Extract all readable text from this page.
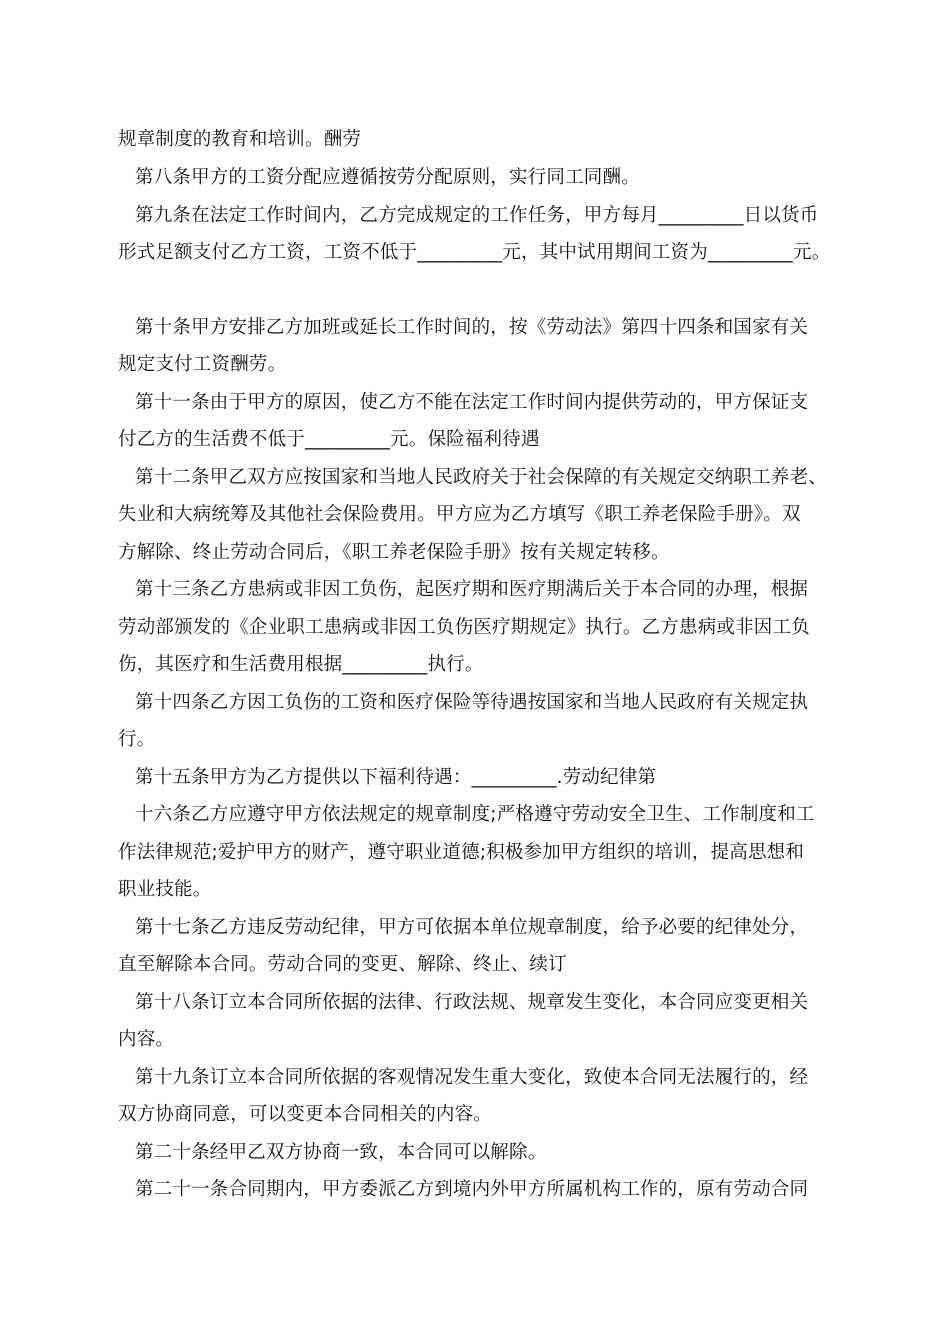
规章制度的教育和培训。酬劳
第八条甲方的工资分配应遵循按劳分配原则，实行同工同酬。
第九条在法定工作时间内，乙方完成规定的工作任务，甲方每月_________日以货币
形式足额支付乙方工资，工资不低于_________元，其中试用期间工资为_________元。
第十条甲方安排乙方加班或延长工作时间的，按《劳动法》第四十四条和国家有关
规定支付工资酬劳。
第十一条由于甲方的原因，使乙方不能在法定工作时间内提供劳动的，甲方保证支
付乙方的生活费不低于_________元。保险福利待遇
第十二条甲乙双方应按国家和当地人民政府关于社会保障的有关规定交纳职工养老、
失业和大病统筹及其他社会保险费用。甲方应为乙方填写《职工养老保险手册》。双
方解除、终止劳动合同后，《职工养老保险手册》按有关规定转移。
第十三条乙方患病或非因工负伤，起医疗期和医疗期满后关于本合同的办理，根据
劳动部颁发的《企业职工患病或非因工负伤医疗期规定》执行。乙方患病或非因工负
伤，其医疗和生活费用根据_________执行。
第十四条乙方因工负伤的工资和医疗保险等待遇按国家和当地人民政府有关规定执
行。
第十五条甲方为乙方提供以下福利待遇：_________.劳动纪律第
十六条乙方应遵守甲方依法规定的规章制度;严格遵守劳动安全卫生、工作制度和工
作法律规范;爱护甲方的财产，遵守职业道德;积极参加甲方组织的培训，提高思想和
职业技能。
第十七条乙方违反劳动纪律，甲方可依据本单位规章制度，给予必要的纪律处分，
直至解除本合同。劳动合同的变更、解除、终止、续订
第十八条订立本合同所依据的法律、行政法规、规章发生变化，本合同应变更相关
内容。
第十九条订立本合同所依据的客观情况发生重大变化，致使本合同无法履行的，经
双方协商同意，可以变更本合同相关的内容。
第二十条经甲乙双方协商一致，本合同可以解除。
第二十一条合同期内，甲方委派乙方到境内外甲方所属机构工作的，原有劳动合同
